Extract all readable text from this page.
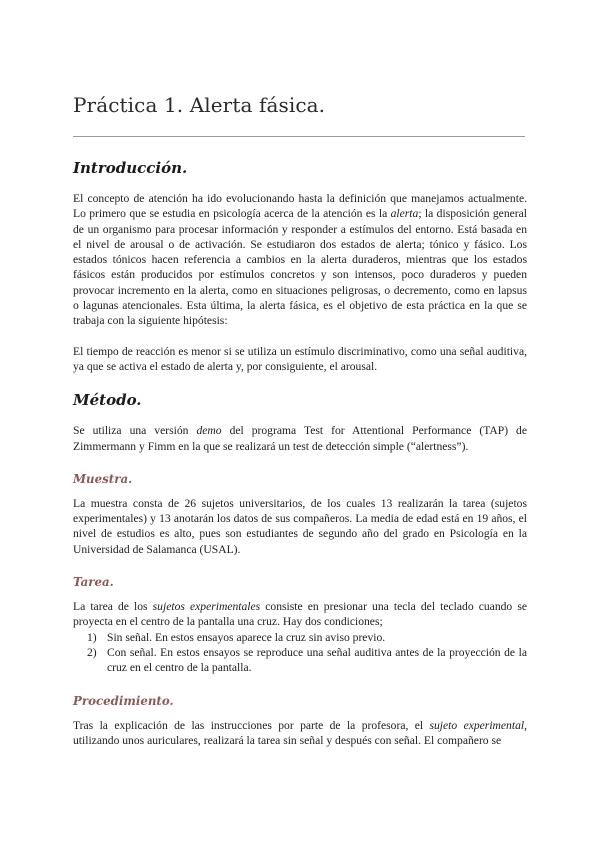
Práctica 1. Alerta fásica.
Introducción.

El concepto de atención ha ido evolucionando hasta la definición que manejamos actualmente. Lo primero que se estudia en psicología acerca de la atención es la alerta; la disposición general de un organismo para procesar información y responder a estímulos del entorno. Está basada en el nivel de arousal o de activación. Se estudiaron dos estados de alerta; tónico y fásico. Los estados tónicos hacen referencia a cambios en la alerta duraderos, mientras que los estados fásicos están producidos por estímulos concretos y son intensos, poco duraderos y pueden provocar incremento en la alerta, como en situaciones peligrosas, o decremento, como en lapsus o lagunas atencionales. Esta última, la alerta fásica, es el objetivo de esta práctica en la que se trabaja con la siguiente hipótesis:

El tiempo de reacción es menor si se utiliza un estímulo discriminativo, como una señal auditiva, ya que se activa el estado de alerta y, por consiguiente, el arousal.

Método.

Se utiliza una versión demo del programa Test for Attentional Performance (TAP) de Zimmermann y Fimm en la que se realizará un test de detección simple (“alertness”).

Muestra.

La muestra consta de 26 sujetos universitarios, de los cuales 13 realizarán la tarea (sujetos experimentales) y 13 anotarán los datos de sus compañeros. La media de edad está en 19 años, el nivel de estudios es alto, pues son estudiantes de segundo año del grado en Psicología en la Universidad de Salamanca (USAL).

Tarea.

La tarea de los sujetos experimentales consiste en presionar una tecla del teclado cuando se proyecta en el centro de la pantalla una cruz. Hay dos condiciones;

1) Sin señal. En estos ensayos aparece la cruz sin aviso previo.
2) Con señal. En estos ensayos se reproduce una señal auditiva antes de la proyección de la cruz en el centro de la pantalla.
Procedimiento.

Tras la explicación de las instrucciones por parte de la profesora, el sujeto experimental, utilizando unos auriculares, realizará la tarea sin señal y después con señal. El compañero se
